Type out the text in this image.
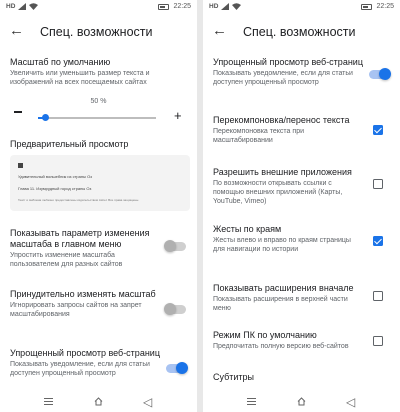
HD	22:25
← Спец. возможности
Масштаб по умолчанию
Увеличить или уменьшить размер текста и изображений на всех посещаемых сайтах
50 %
+
Предварительный просмотр
Удивительный волшебник из страны Оз
Глава 11. Изумрудный город страны Оз
Текст и эмблема любезно предоставлены издательством Astrel. Все права защищены.
Показывать параметр изменения масштаба в главном меню
Упростить изменение масштаба пользователем для разных сайтов
Принудительно изменять масштаб
Игнорировать запросы сайтов на запрет масштабирования
Упрощенный просмотр веб-страниц
Показывать уведомление, если для статьи доступен упрощенный просмотр
◁
HD	22:25
← Спец. возможности
Упрощенный просмотр веб-страниц
Показывать уведомление, если для статьи доступен упрощенный просмотр
Перекомпоновка/перенос текста
Перекомпоновка текста при масштабировании
Разрешить внешние приложения
По возможности открывать ссылки с помощью внешних приложений (Карты, YouTube, Vimeo)
Жесты по краям
Жесты влево и вправо по краям страницы для навигации по истории
Показывать расширения вначале
Показывать расширения в верхней части меню
Режим ПК по умолчанию
Предпочитать полную версию веб-сайтов
Субтитры
◁
